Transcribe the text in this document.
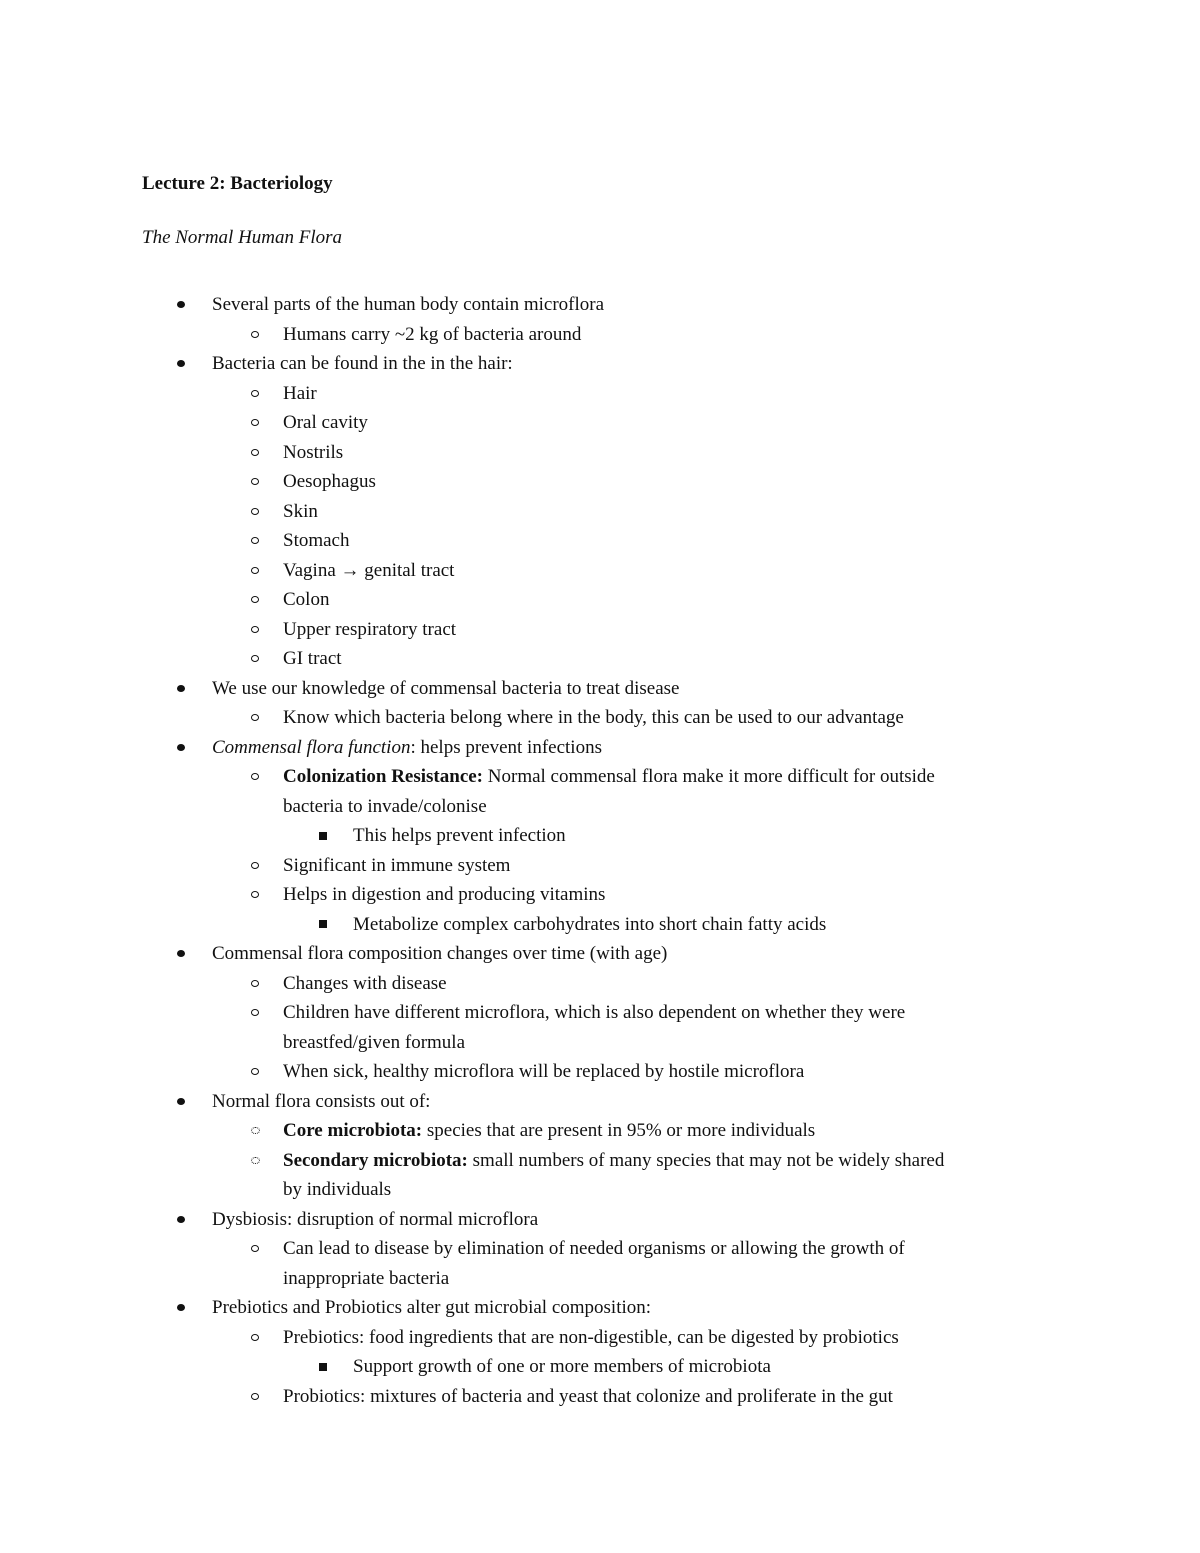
Lecture 2: Bacteriology

The Normal Human Flora

Several parts of the human body contain microflora
Humans carry ~2 kg of bacteria around
Bacteria can be found in the in the hair:
Hair
Oral cavity
Nostrils
Oesophagus
Skin
Stomach
Vagina → genital tract
Colon
Upper respiratory tract
GI tract
We use our knowledge of commensal bacteria to treat disease
Know which bacteria belong where in the body, this can be used to our advantage
Commensal flora function: helps prevent infections
Colonization Resistance: Normal commensal flora make it more difficult for outside
bacteria to invade/colonise
This helps prevent infection
Significant in immune system
Helps in digestion and producing vitamins
Metabolize complex carbohydrates into short chain fatty acids
Commensal flora composition changes over time (with age)
Changes with disease
Children have different microflora, which is also dependent on whether they were
breastfed/given formula
When sick, healthy microflora will be replaced by hostile microflora
Normal flora consists out of:
Core microbiota: species that are present in 95% or more individuals
Secondary microbiota: small numbers of many species that may not be widely shared
by individuals
Dysbiosis: disruption of normal microflora
Can lead to disease by elimination of needed organisms or allowing the growth of
inappropriate bacteria
Prebiotics and Probiotics alter gut microbial composition:
Prebiotics: food ingredients that are non-digestible, can be digested by probiotics
Support growth of one or more members of microbiota
Probiotics: mixtures of bacteria and yeast that colonize and proliferate in the gut
